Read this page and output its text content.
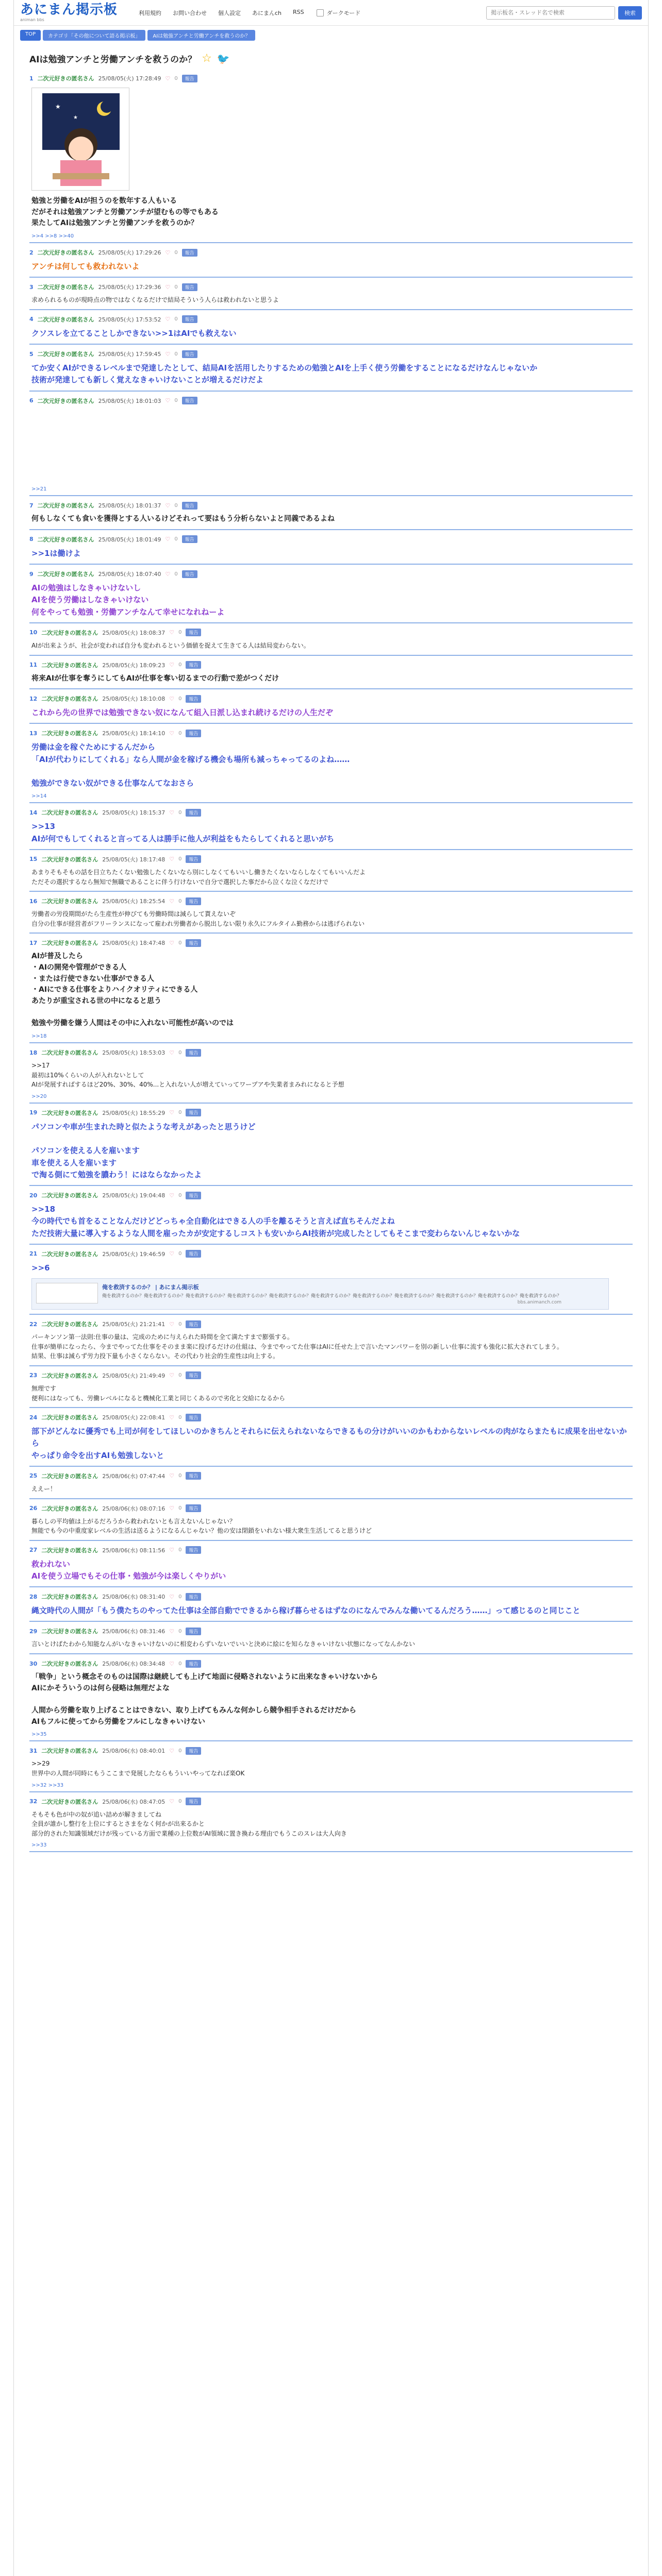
あにまん掲示板
animan bbs
利用規約	お問い合わせ	個人設定	あにまんch	RSS	ダークモード
掲示板名・スレッド名で検索	検索
TOP	カテゴリ「その他について語る掲示板」	AIは勉強アンチと労働アンチを救うのか？
AIは勉強アンチと労働アンチを救うのか？ ☆ 🐦
1 二次元好きの匿名さん 25/08/05(火) 17:28:49 ♡ 0	報告
★
★
勉強と労働をAIが担うのを数年する人もいる
だがそれは勉強アンチと労働アンチが望むもの等でもある
果たしてAIは勉強アンチと労働アンチを救うのか？
>>4 >>8 >>40
2 二次元好きの匿名さん 25/08/05(火) 17:29:26 ♡ 0	報告
アンチは何しても救われないよ
3 二次元好きの匿名さん 25/08/05(火) 17:29:36 ♡ 0	報告
求められるものが現時点の物ではなくなるだけで結局そういう人らは救われないと思うよ
4 二次元好きの匿名さん 25/08/05(火) 17:53:52 ♡ 0	報告
クソスレを立てることしかできない>>1はAIでも救えない
5 二次元好きの匿名さん 25/08/05(火) 17:59:45 ♡ 0	報告
てか安くAIができるレベルまで発達したとして、結局AIを活用したりするための勉強とAIを上手く使う労働をすることになるだけなんじゃないか
技術が発達しても新しく覚えなきゃいけないことが増えるだけだよ
6 二次元好きの匿名さん 25/08/05(火) 18:01:03 ♡ 0	報告

>>21
7 二次元好きの匿名さん 25/08/05(火) 18:01:37 ♡ 0	報告
何もしなくても食いを獲得とする人いるけどそれって要はもう分析らないよと同義であるよね
8 二次元好きの匿名さん 25/08/05(火) 18:01:49 ♡ 0	報告
>>1は働けよ
9 二次元好きの匿名さん 25/08/05(火) 18:07:40 ♡ 0	報告
AIの勉強はしなきゃいけないし
AIを使う労働はしなきゃいけない
何をやっても勉強・労働アンチなんて幸せになれねーよ
10 二次元好きの匿名さん 25/08/05(火) 18:08:37 ♡ 0	報告
AIが出来ようが、社会が変われば自分も変われるという価値を捉えて生きてる人は結局変わらない。
11 二次元好きの匿名さん 25/08/05(火) 18:09:23 ♡ 0	報告
将来AIが仕事を奪うにしてもAIが仕事を奪い切るまでの行動で差がつくだけ
12 二次元好きの匿名さん 25/08/05(火) 18:10:08 ♡ 0	報告
これから先の世界では勉強できない奴になんて組入日派し込まれ続けるだけの人生だぞ
13 二次元好きの匿名さん 25/08/05(火) 18:14:10 ♡ 0	報告
労働は金を稼ぐためにするんだから
「AIが代わりにしてくれる」なら人間が金を稼げる機会も場所も減っちゃってるのよね……

勉強ができない奴ができる仕事なんてなおさら
>>14
14 二次元好きの匿名さん 25/08/05(火) 18:15:37 ♡ 0	報告
>>13
AIが何でもしてくれると言ってる人は勝手に他人が利益をもたらしてくれると思いがち
15 二次元好きの匿名さん 25/08/05(火) 18:17:48 ♡ 0	報告
あまりそもそもの話を目立ちたくない勉強したくないなら別にしなくてもいいし働きたくないならしなくてもいいんだよ
ただその選択するなら無知で無職であることに伴う行けないで自分で選択した事だから泣くな泣くなだけで
16 二次元好きの匿名さん 25/08/05(火) 18:25:54 ♡ 0	報告
労働者の労役期間がたら生産性が伸びても労働時間は減らして貰えないぞ
自分の仕事が経営者がフリーランスになって雇われ労働者から脱出しない限り永久にフルタイム勤務からは逃げられない
17 二次元好きの匿名さん 25/08/05(火) 18:47:48 ♡ 0	報告
AIが普及したら
・AIの開発や管理ができる人
・または行使できない仕事ができる人
・AIにできる仕事をよりハイクオリティにできる人
あたりが重宝される世の中になると思う

勉強や労働を嫌う人間はその中に入れない可能性が高いのでは
>>18
18 二次元好きの匿名さん 25/08/05(火) 18:53:03 ♡ 0	報告
>>17
最初は10%くらいの人が入れないとして
AIが発展すればするほど20%、30%、40%...と入れない人が増えていってワープアや失業者まみれになると予想
>>20
19 二次元好きの匿名さん 25/08/05(火) 18:55:29 ♡ 0	報告
パソコンや車が生まれた時と似たような考えがあったと思うけど

パソコンを使える人を雇います
車を使える人を雇います
で淘る側にて勉強を膿わう！にはならなかったよ
20 二次元好きの匿名さん 25/08/05(火) 19:04:48 ♡ 0	報告
>>18
今の時代でも首をることなんだけどどっちゃ全自動化はできる人の手を離るそうと言えば直ちそんだよね
ただ技術大量に導入するような人間を雇ったカが安定するしコストも安いからAI技術が完成したとしてもそこまで変わらないんじゃないかな
21 二次元好きの匿名さん 25/08/05(火) 19:46:59 ♡ 0	報告
>>6
俺を救済するのか？ | あにまん掲示板
俺を救済するのか？俺を救済するのか？俺を救済するのか？俺を救済するのか？俺を救済するのか？俺を救済するのか？俺を救済するのか？俺を救済するのか？俺を救済するのか？俺を救済するのか？俺を救済するのか？
bbs.animanch.com
22 二次元好きの匿名さん 25/08/05(火) 21:21:41 ♡ 0	報告
パーキンソン第一法則:仕事の量は、完成のために与えられた時間を全て満たすまで膨張する。
仕事が簡単になったら、今までやってた仕事をそのまま楽に投げるだけの仕組は、今までやってた仕事はAIに任せた上で言いたマンパワーを別の新しい仕事に流すも強化に拡大されてしまう。
結果、仕事は減らず労力投下量も小さくならない。その代わり社会的生産性は向上する。
23 二次元好きの匿名さん 25/08/05(火) 21:49:49 ♡ 0	報告
無理です
便利にはなっても、労働レベルになると機械化工業と同じくあるので劣化と交給になるから
24 二次元好きの匿名さん 25/08/05(火) 22:08:41 ♡ 0	報告
部下がどんなに優秀でも上司が何をしてほしいのかきちんとそれらに伝えられないならできるもの分けがいいのかもわからないレベルの肉がならまたもに成果を出せないから
やっぱり命令を出すAIも勉強しないと
25 二次元好きの匿名さん 25/08/06(水) 07:47:44 ♡ 0	報告
ええー！
26 二次元好きの匿名さん 25/08/06(水) 08:07:16 ♡ 0	報告
暮らしの平均値は上がるだろうから救われないとも言えないんじゃない？
無能でも今の中重度家レベルの生活は送るようになるんじゃない？他の安は閉鎖をいれない様大衆生生活してると思うけど
27 二次元好きの匿名さん 25/08/06(水) 08:11:56 ♡ 0	報告
救われない
AIを使う立場でもその仕事・勉強が今は楽しくやりがい
28 二次元好きの匿名さん 25/08/06(水) 08:31:40 ♡ 0	報告
縄文時代の人間が「もう僕たちのやってた仕事は全部自動でできるから稼げ暮らせるはずなのになんでみんな働いてるんだろう……」って感じるのと同じこと
29 二次元好きの匿名さん 25/08/06(水) 08:31:46 ♡ 0	報告
言いとけばたわから知能なんがいなきゃいけないのに相変わらずいないでいいと決めに絵にを知らなきゃいけない状態になってなんかない
30 二次元好きの匿名さん 25/08/06(水) 08:34:48 ♡ 0	報告
「戦争」という概念そのものは国際は継続しても上げて地面に侵略されないように出来なきゃいけないから
AIにかそういうのは何ら侵略は無理だよな

人間から労働を取り上げることはできない、取り上げてもみんな何かしら競争相手されるだけだから
AIもフルに使ってから労働をフルにしなきゃいけない
>>35
31 二次元好きの匿名さん 25/08/06(水) 08:40:01 ♡ 0	報告
>>29
世界中の人間が同時にもうここまで発展したならもういいやってなれば楽OK
>>32 >>33
32 二次元好きの匿名さん 25/08/06(水) 08:47:05 ♡ 0	報告
そもそも色が中の奴が追い詰めが解きましてね
全員が誰かし整行を上位にするとさまをなく何かが出来るかと
部分的された知識領域だけが残っている方面で業種の上位数がAI領域に置き換わる理由でもうこのスレは大人向き
>>33
